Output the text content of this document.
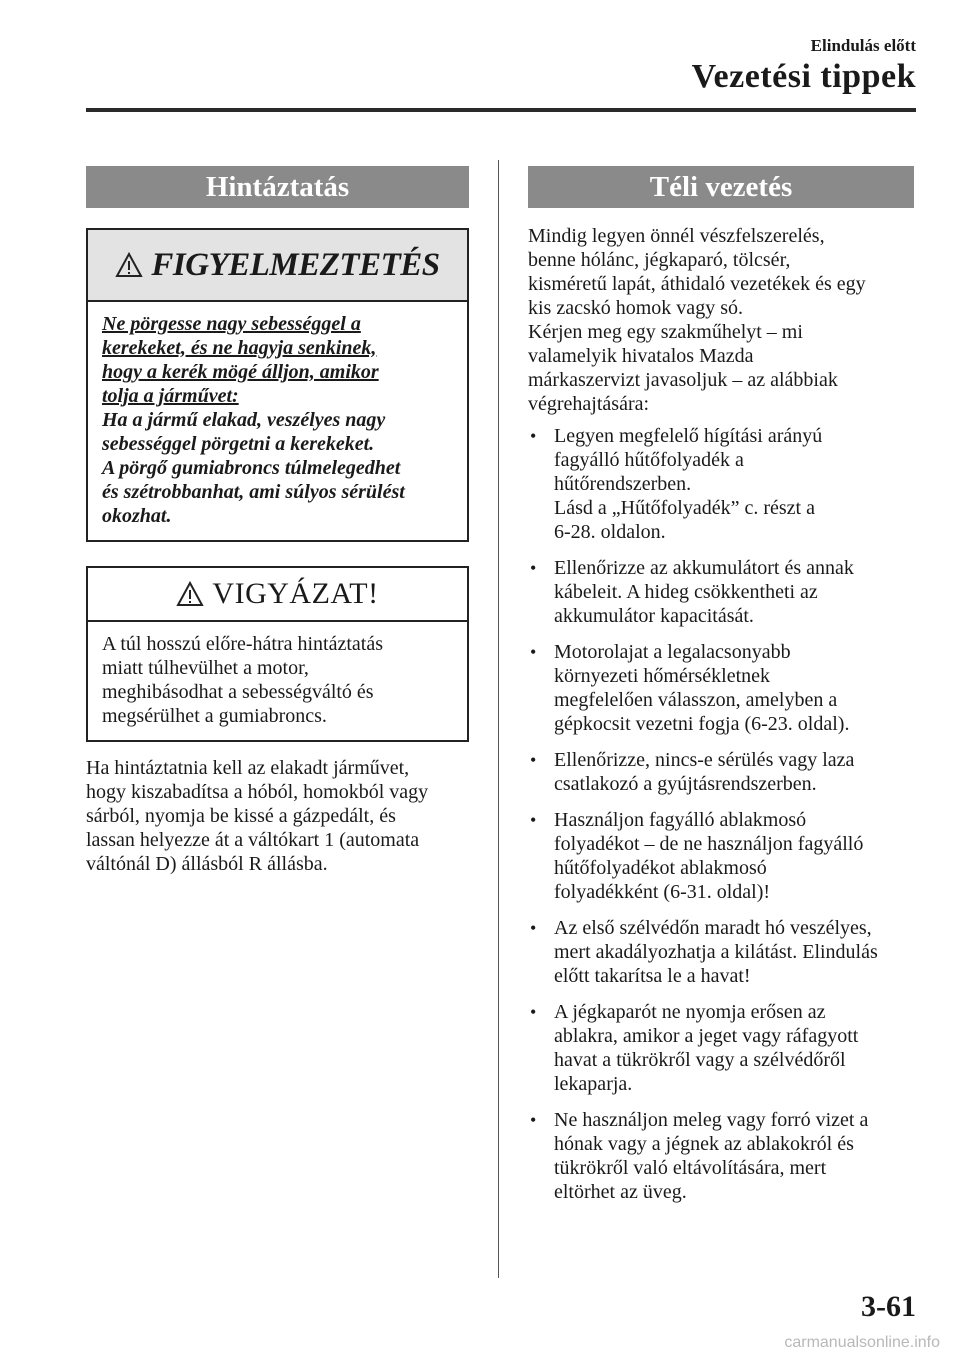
Elindulás előtt
Vezetési tippek
Hintáztatás
FIGYELMEZTETÉS
Ne pörgesse nagy sebességgel a
kerekeket, és ne hagyja senkinek,
hogy a kerék mögé álljon, amikor
tolja a járművet:
Ha a jármű elakad, veszélyes nagy
sebességgel pörgetni a kerekeket.
A pörgő gumiabroncs túlmelegedhet
és szétrobbanhat, ami súlyos sérülést
okozhat.
VIGYÁZAT!
A túl hosszú előre-hátra hintáztatás
miatt túlhevülhet a motor,
meghibásodhat a sebességváltó és
megsérülhet a gumiabroncs.
Ha hintáztatnia kell az elakadt járművet,
hogy kiszabadítsa a hóból, homokból vagy
sárból, nyomja be kissé a gázpedált, és
lassan helyezze át a váltókart 1 (automata
váltónál D) állásból R állásba.
Téli vezetés
Mindig legyen önnél vészfelszerelés,
benne hólánc, jégkaparó, tölcsér,
kisméretű lapát, áthidaló vezetékek és egy
kis zacskó homok vagy só.
Kérjen meg egy szakműhelyt – mi
valamelyik hivatalos Mazda
márkaszervizt javasoljuk – az alábbiak
végrehajtására:
• Legyen megfelelő hígítási arányú
fagyálló hűtőfolyadék a
hűtőrendszerben.
Lásd a „Hűtőfolyadék” c. részt a
6-28. oldalon.
• Ellenőrizze az akkumulátort és annak
kábeleit. A hideg csökkentheti az
akkumulátor kapacitását.
• Motorolajat a legalacsonyabb
környezeti hőmérsékletnek
megfelelően válasszon, amelyben a
gépkocsit vezetni fogja (6-23. oldal).
• Ellenőrizze, nincs-e sérülés vagy laza
csatlakozó a gyújtásrendszerben.
• Használjon fagyálló ablakmosó
folyadékot – de ne használjon fagyálló
hűtőfolyadékot ablakmosó
folyadékként (6-31. oldal)!
• Az első szélvédőn maradt hó veszélyes,
mert akadályozhatja a kilátást. Elindulás
előtt takarítsa le a havat!
• A jégkaparót ne nyomja erősen az
ablakra, amikor a jeget vagy ráfagyott
havat a tükrökről vagy a szélvédőről
lekaparja.
• Ne használjon meleg vagy forró vizet a
hónak vagy a jégnek az ablakokról és
tükrökről való eltávolítására, mert
eltörhet az üveg.
3-61
carmanualsonline.info
